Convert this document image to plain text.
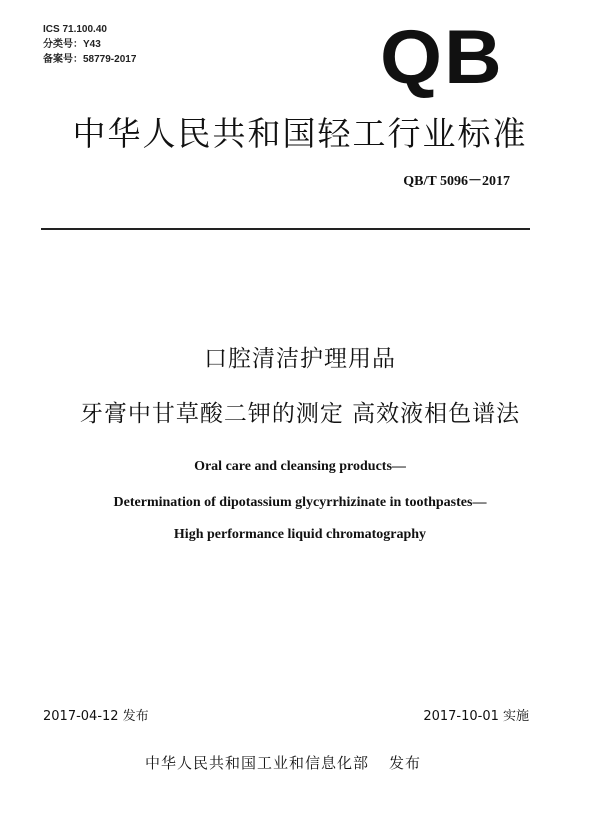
ICS 71.100.40
分类号：Y43
备案号：58779-2017	QB
中华人民共和国轻工行业标准
QB/T 5096－2017
口腔清洁护理用品
牙膏中甘草酸二钾的测定 高效液相色谱法
Oral care and cleansing products—
Determination of dipotassium glycyrrhizinate in toothpastes—
High performance liquid chromatography
2017-04-12 发布	2017-10-01 实施
中华人民共和国工业和信息化部 发布
